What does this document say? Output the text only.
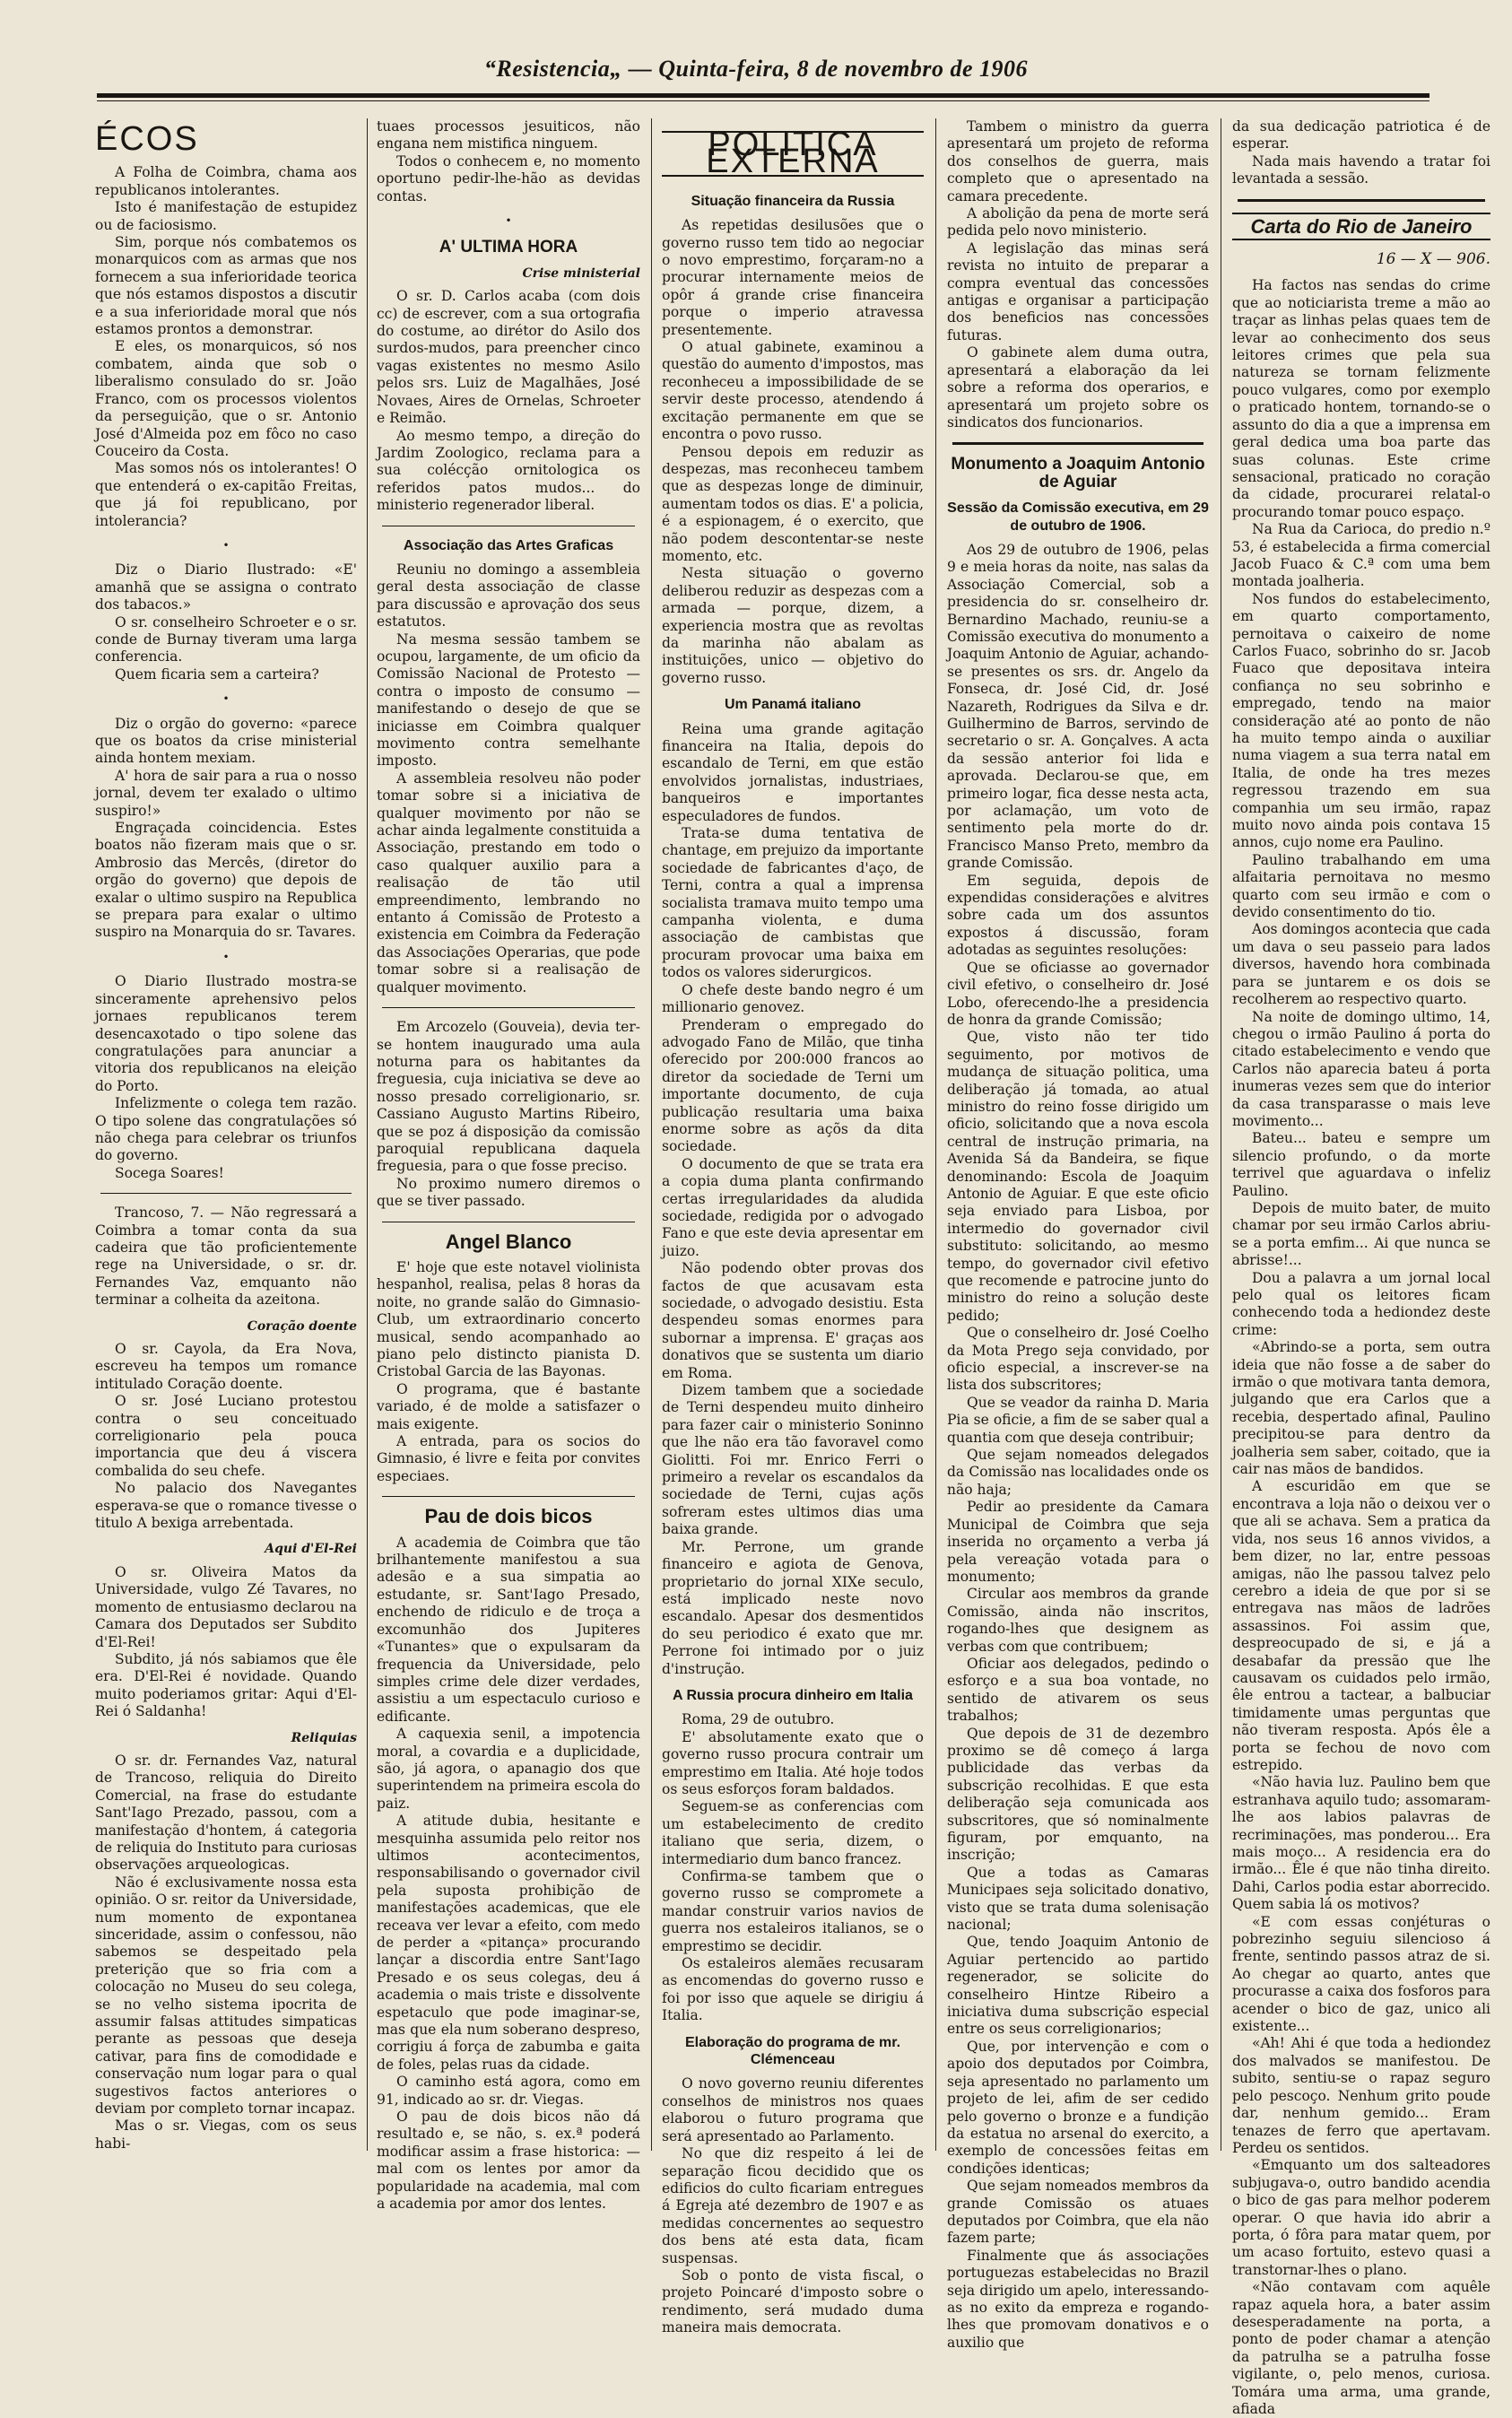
“Resistencia„ — Quinta-feira, 8 de novembro de 1906
ÉCOS

A Folha de Coimbra, chama aos republicanos intolerantes.

Isto é manifestação de estupidez ou de faciosismo.

Sim, porque nós combatemos os monarquicos com as armas que nos fornecem a sua inferioridade teorica que nós estamos dispostos a discutir e a sua inferioridade moral que nós estamos prontos a demonstrar.

E eles, os monarquicos, só nos combatem, ainda que sob o liberalismo consulado do sr. João Franco, com os processos violentos da perseguição, que o sr. Antonio José d'Almeida poz em fôco no caso Couceiro da Costa.

Mas somos nós os intolerantes! O que entenderá o ex-capitão Freitas, que já foi republicano, por intolerancia?

•

Diz o Diario Ilustrado: «E' amanhã que se assigna o contrato dos tabacos.»

O sr. conselheiro Schroeter e o sr. conde de Burnay tiveram uma larga conferencia.

Quem ficaria sem a carteira?

•

Diz o orgão do governo: «parece que os boatos da crise ministerial ainda hontem mexiam.

A' hora de sair para a rua o nosso jornal, devem ter exalado o ultimo suspiro!»

Engraçada coincidencia. Estes boatos não fizeram mais que o sr. Ambrosio das Mercês, (diretor do orgão do governo) que depois de exalar o ultimo suspiro na Republica se prepara para exalar o ultimo suspiro na Monarquia do sr. Tavares.

•

O Diario Ilustrado mostra-se sinceramente aprehensivo pelos jornaes republicanos terem desencaxotado o tipo solene das congratulações para anunciar a vitoria dos republicanos na eleição do Porto.

Infelizmente o colega tem razão. O tipo solene das congratulações só não chega para celebrar os triunfos do governo.

Socega Soares!

Trancoso, 7. — Não regressará a Coimbra a tomar conta da sua cadeira que tão proficientemente rege na Universidade, o sr. dr. Fernandes Vaz, emquanto não terminar a colheita da azeitona.

Coração doente

O sr. Cayola, da Era Nova, escreveu ha tempos um romance intitulado Coração doente.

O sr. José Luciano protestou contra o seu conceituado correligionario pela pouca importancia que deu á viscera combalida do seu chefe.

No palacio dos Navegantes esperava-se que o romance tivesse o titulo A bexiga arrebentada.

Aqui d'El-Rei

O sr. Oliveira Matos da Universidade, vulgo Zé Tavares, no momento de entusiasmo declarou na Camara dos Deputados ser Subdito d'El-Rei!

Subdito, já nós sabiamos que êle era. D'El-Rei é novidade. Quando muito poderiamos gritar: Aqui d'El-Rei ó Saldanha!

Reliquias

O sr. dr. Fernandes Vaz, natural de Trancoso, reliquia do Direito Comercial, na frase do estudante Sant'Iago Prezado, passou, com a manifestação d'hontem, á categoria de reliquia do Instituto para curiosas observações arqueologicas.

Não é exclusivamente nossa esta opinião. O sr. reitor da Universidade, num momento de expontanea sinceridade, assim o confessou, não sabemos se despeitado pela preterição que so fria com a colocação no Museu do seu colega, se no velho sistema ipocrita de assumir falsas attitudes simpaticas perante as pessoas que deseja cativar, para fins de comodidade e conservação num logar para o qual sugestivos factos anteriores o deviam por completo tornar incapaz.

Mas o sr. Viegas, com os seus habi-

tuaes processos jesuiticos, não engana nem mistifica ninguem.

Todos o conhecem e, no momento oportuno pedir-lhe-hão as devidas contas.

•
A' ULTIMA HORA
Crise ministerial

O sr. D. Carlos acaba (com dois cc) de escrever, com a sua ortografia do costume, ao dirétor do Asilo dos surdos-mudos, para preencher cinco vagas existentes no mesmo Asilo pelos srs. Luiz de Magalhães, José Novaes, Aires de Ornelas, Schroeter e Reimão.

Ao mesmo tempo, a direção do Jardim Zoologico, reclama para a sua colécção ornitologica os referidos patos mudos... do ministerio regenerador liberal.

Associação das Artes Graficas

Reuniu no domingo a assembleia geral desta associação de classe para discussão e aprovação dos seus estatutos.

Na mesma sessão tambem se ocupou, largamente, de um oficio da Comissão Nacional de Protesto — contra o imposto de consumo — manifestando o desejo de que se iniciasse em Coimbra qualquer movimento contra semelhante imposto.

A assembleia resolveu não poder tomar sobre si a iniciativa de qualquer movimento por não se achar ainda legalmente constituida a Associação, prestando em todo o caso qualquer auxilio para a realisação de tão util empreendimento, lembrando no entanto á Comissão de Protesto a existencia em Coimbra da Federação das Associações Operarias, que pode tomar sobre si a realisação de qualquer movimento.

Em Arcozelo (Gouveia), devia ter-se hontem inaugurado uma aula noturna para os habitantes da freguesia, cuja iniciativa se deve ao nosso presado correligionario, sr. Cassiano Augusto Martins Ribeiro, que se poz á disposição da comissão paroquial republicana daquela freguesia, para o que fosse preciso.

No proximo numero diremos o que se tiver passado.

Angel Blanco

E' hoje que este notavel violinista hespanhol, realisa, pelas 8 horas da noite, no grande salão do Gimnasio-Club, um extraordinario concerto musical, sendo acompanhado ao piano pelo distincto pianista D. Cristobal Garcia de las Bayonas.

O programa, que é bastante variado, é de molde a satisfazer o mais exigente.

A entrada, para os socios do Gimnasio, é livre e feita por convites especiaes.

Pau de dois bicos

A academia de Coimbra que tão brilhantemente manifestou a sua adesão e a sua simpatia ao estudante, sr. Sant'Iago Presado, enchendo de ridiculo e de troça a excomunhão dos Jupiteres «Tunantes» que o expulsaram da frequencia da Universidade, pelo simples crime dele dizer verdades, assistiu a um espectaculo curioso e edificante.

A caquexia senil, a impotencia moral, a covardia e a duplicidade, são, já agora, o apanagio dos que superintendem na primeira escola do paiz.

A atitude dubia, hesitante e mesquinha assumida pelo reitor nos ultimos acontecimentos, responsabilisando o governador civil pela suposta prohibição de manifestações academicas, que ele receava ver levar a efeito, com medo de perder a «pitança» procurando lançar a discordia entre Sant'Iago Presado e os seus colegas, deu á academia o mais triste e dissolvente espetaculo que pode imaginar-se, mas que ela num soberano despreso, corrigiu á força de zabumba e gaita de foles, pelas ruas da cidade.

O caminho está agora, como em 91, indicado ao sr. dr. Viegas.

O pau de dois bicos não dá resultado e, se não, s. ex.ª poderá modificar assim a frase historica: — mal com os lentes por amor da popularidade na academia, mal com a academia por amor dos lentes.

POLITICA EXTERNA
Situação financeira da Russia

As repetidas desilusões que o governo russo tem tido ao negociar o novo emprestimo, forçaram-no a procurar internamente meios de opôr á grande crise financeira porque o imperio atravessa presentemente.

O atual gabinete, examinou a questão do aumento d'impostos, mas reconheceu a impossibilidade de se servir deste processo, atendendo á excitação permanente em que se encontra o povo russo.

Pensou depois em reduzir as despezas, mas reconheceu tambem que as despezas longe de diminuir, aumentam todos os dias. E' a policia, é a espionagem, é o exercito, que não podem descontentar-se neste momento, etc.

Nesta situação o governo deliberou reduzir as despezas com a armada — porque, dizem, a experiencia mostra que as revoltas da marinha não abalam as instituições, unico — objetivo do governo russo.

Um Panamá italiano

Reina uma grande agitação financeira na Italia, depois do escandalo de Terni, em que estão envolvidos jornalistas, industriaes, banqueiros e importantes especuladores de fundos.

Trata-se duma tentativa de chantage, em prejuizo da importante sociedade de fabricantes d'aço, de Terni, contra a qual a imprensa socialista tramava muito tempo uma campanha violenta, e duma associação de cambistas que procuram provocar uma baixa em todos os valores siderurgicos.

O chefe deste bando negro é um millionario genovez.

Prenderam o empregado do advogado Fano de Milão, que tinha oferecido por 200:000 francos ao diretor da sociedade de Terni um importante documento, de cuja publicação resultaria uma baixa enorme sobre as açõs da dita sociedade.

O documento de que se trata era a copia duma planta confirmando certas irregularidades da aludida sociedade, redigida por o advogado Fano e que este devia apresentar em juizo.

Não podendo obter provas dos factos de que acusavam esta sociedade, o advogado desistiu. Esta despendeu somas enormes para subornar a imprensa. E' graças aos donativos que se sustenta um diario em Roma.

Dizem tambem que a sociedade de Terni despendeu muito dinheiro para fazer cair o ministerio Soninno que lhe não era tão favoravel como Giolitti. Foi mr. Enrico Ferri o primeiro a revelar os escandalos da sociedade de Terni, cujas açõs sofreram estes ultimos dias uma baixa grande.

Mr. Perrone, um grande financeiro e agiota de Genova, proprietario do jornal XIXe seculo, está implicado neste novo escandalo. Apesar dos desmentidos do seu periodico é exato que mr. Perrone foi intimado por o juiz d'instrução.

A Russia procura dinheiro em Italia

Roma, 29 de outubro.

E' absolutamente exato que o governo russo procura contrair um emprestimo em Italia. Até hoje todos os seus esforços foram baldados.

Seguem-se as conferencias com um estabelecimento de credito italiano que seria, dizem, o intermediario dum banco francez.

Confirma-se tambem que o governo russo se compromete a mandar construir varios navios de guerra nos estaleiros italianos, se o emprestimo se decidir.

Os estaleiros alemães recusaram as encomendas do governo russo e foi por isso que aquele se dirigiu á Italia.

Elaboração do programa de mr. Clémenceau

O novo governo reuniu diferentes conselhos de ministros nos quaes elaborou o futuro programa que será apresentado ao Parlamento.

No que diz respeito á lei de separação ficou decidido que os edificios do culto ficariam entregues á Egreja até dezembro de 1907 e as medidas concernentes ao sequestro dos bens até esta data, ficam suspensas.

Sob o ponto de vista fiscal, o projeto Poincaré d'imposto sobre o rendimento, será mudado duma maneira mais democrata.

Tambem o ministro da guerra apresentará um projeto de reforma dos conselhos de guerra, mais completo que o apresentado na camara precedente.

A abolição da pena de morte será pedida pelo novo ministerio.

A legislação das minas será revista no intuito de preparar a compra eventual das concessões antigas e organisar a participação dos beneficios nas concessões futuras.

O gabinete alem duma outra, apresentará a elaboração da lei sobre a reforma dos operarios, e apresentará um projeto sobre os sindicatos dos funcionarios.

Monumento a Joaquim Antonio de Aguiar
Sessão da Comissão executiva, em 29 de outubro de 1906.

Aos 29 de outubro de 1906, pelas 9 e meia horas da noite, nas salas da Associação Comercial, sob a presidencia do sr. conselheiro dr. Bernardino Machado, reuniu-se a Comissão executiva do monumento a Joaquim Antonio de Aguiar, achando-se presentes os srs. dr. Angelo da Fonseca, dr. José Cid, dr. José Nazareth, Rodrigues da Silva e dr. Guilhermino de Barros, servindo de secretario o sr. A. Gonçalves. A acta da sessão anterior foi lida e aprovada. Declarou-se que, em primeiro logar, fica desse nesta acta, por aclamação, um voto de sentimento pela morte do dr. Francisco Manso Preto, membro da grande Comissão.

Em seguida, depois de expendidas considerações e alvitres sobre cada um dos assuntos expostos á discussão, foram adotadas as seguintes resoluções:

Que se oficiasse ao governador civil efetivo, o conselheiro dr. José Lobo, oferecendo-lhe a presidencia de honra da grande Comissão;

Que, visto não ter tido seguimento, por motivos de mudança de situação politica, uma deliberação já tomada, ao atual ministro do reino fosse dirigido um oficio, solicitando que a nova escola central de instrução primaria, na Avenida Sá da Bandeira, se fique denominando: Escola de Joaquim Antonio de Aguiar. E que este oficio seja enviado para Lisboa, por intermedio do governador civil substituto: solicitando, ao mesmo tempo, do governador civil efetivo que recomende e patrocine junto do ministro do reino a solução deste pedido;

Que o conselheiro dr. José Coelho da Mota Prego seja convidado, por oficio especial, a inscrever-se na lista dos subscritores;

Que se veador da rainha D. Maria Pia se oficie, a fim de se saber qual a quantia com que deseja contribuir;

Que sejam nomeados delegados da Comissão nas localidades onde os não haja;

Pedir ao presidente da Camara Municipal de Coimbra que seja inserida no orçamento a verba já pela vereação votada para o monumento;

Circular aos membros da grande Comissão, ainda não inscritos, rogando-lhes que designem as verbas com que contribuem;

Oficiar aos delegados, pedindo o esforço e a sua boa vontade, no sentido de ativarem os seus trabalhos;

Que depois de 31 de dezembro proximo se dê começo á larga publicidade das verbas da subscrição recolhidas. E que esta deliberação seja comunicada aos subscritores, que só nominalmente figuram, por emquanto, na inscrição;

Que a todas as Camaras Municipaes seja solicitado donativo, visto que se trata duma solenisação nacional;

Que, tendo Joaquim Antonio de Aguiar pertencido ao partido regenerador, se solicite do conselheiro Hintze Ribeiro a iniciativa duma subscrição especial entre os seus correligionarios;

Que, por intervenção e com o apoio dos deputados por Coimbra, seja apresentado no parlamento um projeto de lei, afim de ser cedido pelo governo o bronze e a fundição da estatua no arsenal do exercito, a exemplo de concessões feitas em condições identicas;

Que sejam nomeados membros da grande Comissão os atuaes deputados por Coimbra, que ela não fazem parte;

Finalmente que ás associações portuguezas estabelecidas no Brazil seja dirigido um apelo, interessando-as no exito da empreza e rogando-lhes que promovam donativos e o auxilio que

da sua dedicação patriotica é de esperar.

Nada mais havendo a tratar foi levantada a sessão.

Carta do Rio de Janeiro
16 — X — 906.

Ha factos nas sendas do crime que ao noticiarista treme a mão ao traçar as linhas pelas quaes tem de levar ao conhecimento dos seus leitores crimes que pela sua natureza se tornam felizmente pouco vulgares, como por exemplo o praticado hontem, tornando-se o assunto do dia a que a imprensa em geral dedica uma boa parte das suas colunas. Este crime sensacional, praticado no coração da cidade, procurarei relatal-o procurando tomar pouco espaço.

Na Rua da Carioca, do predio n.º 53, é estabelecida a firma comercial Jacob Fuaco & C.ª com uma bem montada joalheria.

Nos fundos do estabelecimento, em quarto comportamento, pernoitava o caixeiro de nome Carlos Fuaco, sobrinho do sr. Jacob Fuaco que depositava inteira confiança no seu sobrinho e empregado, tendo na maior consideração até ao ponto de não ha muito tempo ainda o auxiliar numa viagem a sua terra natal em Italia, de onde ha tres mezes regressou trazendo em sua companhia um seu irmão, rapaz muito novo ainda pois contava 15 annos, cujo nome era Paulino.

Paulino trabalhando em uma alfaitaria pernoitava no mesmo quarto com seu irmão e com o devido consentimento do tio.

Aos domingos acontecia que cada um dava o seu passeio para lados diversos, havendo hora combinada para se juntarem e os dois se recolherem ao respectivo quarto.

Na noite de domingo ultimo, 14, chegou o irmão Paulino á porta do citado estabelecimento e vendo que Carlos não aparecia bateu á porta inumeras vezes sem que do interior da casa transparasse o mais leve movimento...

Bateu... bateu e sempre um silencio profundo, o da morte terrivel que aguardava o infeliz Paulino.

Depois de muito bater, de muito chamar por seu irmão Carlos abriu-se a porta emfim... Ai que nunca se abrisse!...

Dou a palavra a um jornal local pelo qual os leitores ficam conhecendo toda a hediondez deste crime:

«Abrindo-se a porta, sem outra ideia que não fosse a de saber do irmão o que motivara tanta demora, julgando que era Carlos que a recebia, despertado afinal, Paulino precipitou-se para dentro da joalheria sem saber, coitado, que ia cair nas mãos de bandidos.

A escuridão em que se encontrava a loja não o deixou ver o que ali se achava. Sem a pratica da vida, nos seus 16 annos vividos, a bem dizer, no lar, entre pessoas amigas, não lhe passou talvez pelo cerebro a ideia de que por si se entregava nas mãos de ladrões assassinos. Foi assim que, despreocupado de si, e já a desabafar da pressão que lhe causavam os cuidados pelo irmão, êle entrou a tactear, a balbuciar timidamente umas perguntas que não tiveram resposta. Após êle a porta se fechou de novo com estrepido.

«Não havia luz. Paulino bem que estranhava aquilo tudo; assomaram-lhe aos labios palavras de recriminações, mas ponderou... Era mais moço... A residencia era do irmão... Êle é que não tinha direito. Dahi, Carlos podia estar aborrecido. Quem sabia lá os motivos?

«E com essas conjéturas o pobrezinho seguiu silencioso á frente, sentindo passos atraz de si. Ao chegar ao quarto, antes que procurasse a caixa dos fosforos para acender o bico de gaz, unico ali existente...

«Ah! Ahi é que toda a hediondez dos malvados se manifestou. De subito, sentiu-se o rapaz seguro pelo pescoço. Nenhum grito poude dar, nenhum gemido... Eram tenazes de ferro que apertavam. Perdeu os sentidos.

«Emquanto um dos salteadores subjugava-o, outro bandido acendia o bico de gas para melhor poderem operar. O que havia ido abrir a porta, ó fôra para matar quem, por um acaso fortuito, estevo quasi a transtornar-lhes o plano.

«Não contavam com aquêle rapaz aquela hora, a bater assim desesperadamente na porta, a ponto de poder chamar a atenção da patrulha se a patrulha fosse vigilante, o, pelo menos, curiosa. Tomára uma arma, uma grande, afiada
